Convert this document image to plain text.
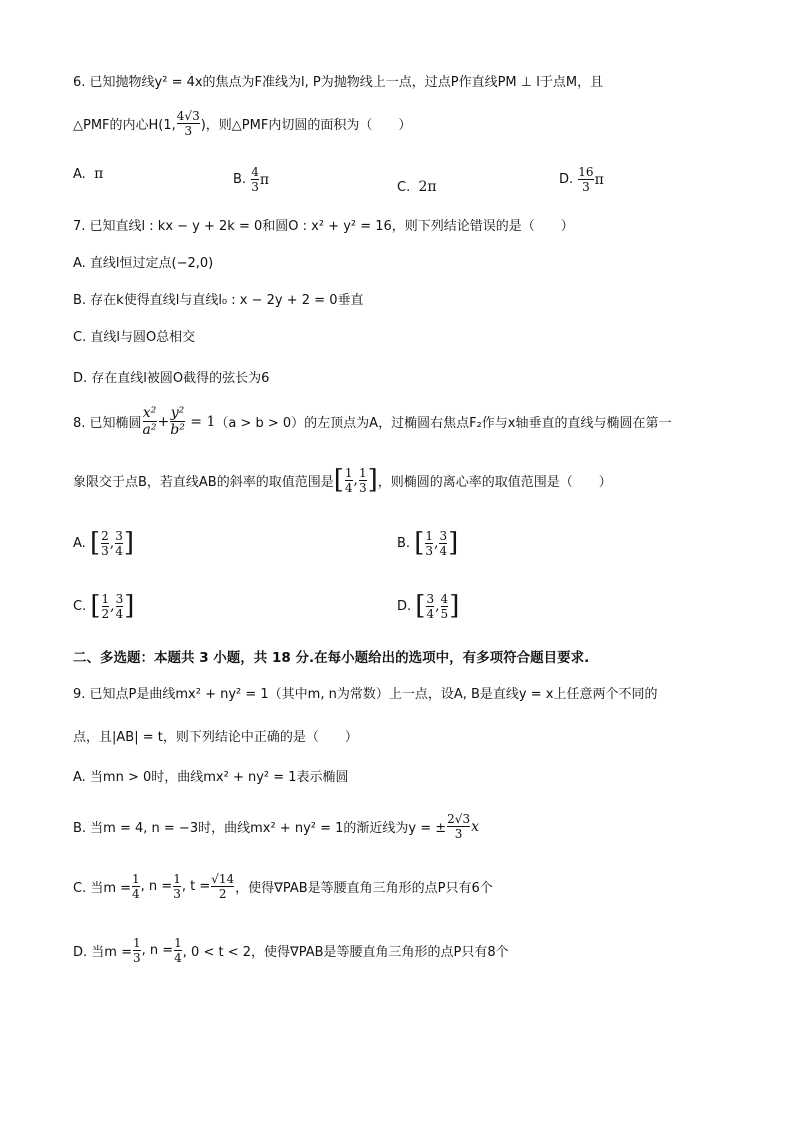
6. 已知抛物线y² = 4x的焦点为F准线为l, P为抛物线上一点，过点P作直线PM ⊥ l于点M，且
△PMF的内心H(1,
4√3
3 )，则△PMF内切圆的面积为（　　）
A.
π	B.
4
3 π	C.
2π	D.
16
3 π
7. 已知直线l : kx − y + 2k = 0和圆O : x² + y² = 16，则下列结论错误的是（　　）
A. 直线l恒过定点(−2,0)
B. 存在k使得直线l与直线l₀ : x − 2y + 2 = 0垂直
C. 直线l与圆O总相交
D. 存在直线l被圆O截得的弦长为6
8. 已知椭圆
x²
a²
+
y²
b²
= 1 （a > b > 0）的左顶点为A，过椭圆右焦点F₂作与x轴垂直的直线与椭圆在第一
象限交于点B，若直线AB的斜率的取值范围是 [ 1
4 , 1
3 ] ，则椭圆的离心率的取值范围是（　　）
A.
[ 2
3 , 3
4 ]	B.
[ 1
3 , 3
4 ]
C.
[ 1
2 , 3
4 ]	D.
[ 3
4 , 4
5 ]
二、多选题：本题共 3 小题，共 18 分.在每小题给出的选项中，有多项符合题目要求.
9. 已知点P是曲线mx² + ny² = 1（其中m, n为常数）上一点，设A, B是直线y = x上任意两个不同的
点，且|AB| = t，则下列结论中正确的是（　　）
A. 当mn > 0时，曲线mx² + ny² = 1表示椭圆
B. 当m = 4, n = −3时，曲线mx² + ny² = 1的渐近线为y = ±
2√3
3 x
C. 当m =
1
4 , n = 1
3 , t = √14
2 ，使得∇PAB是等腰直角三角形的点P只有6个
D. 当m =
1
3 , n = 1
4 , 0 < t < 2，使得∇PAB是等腰直角三角形的点P只有8个
